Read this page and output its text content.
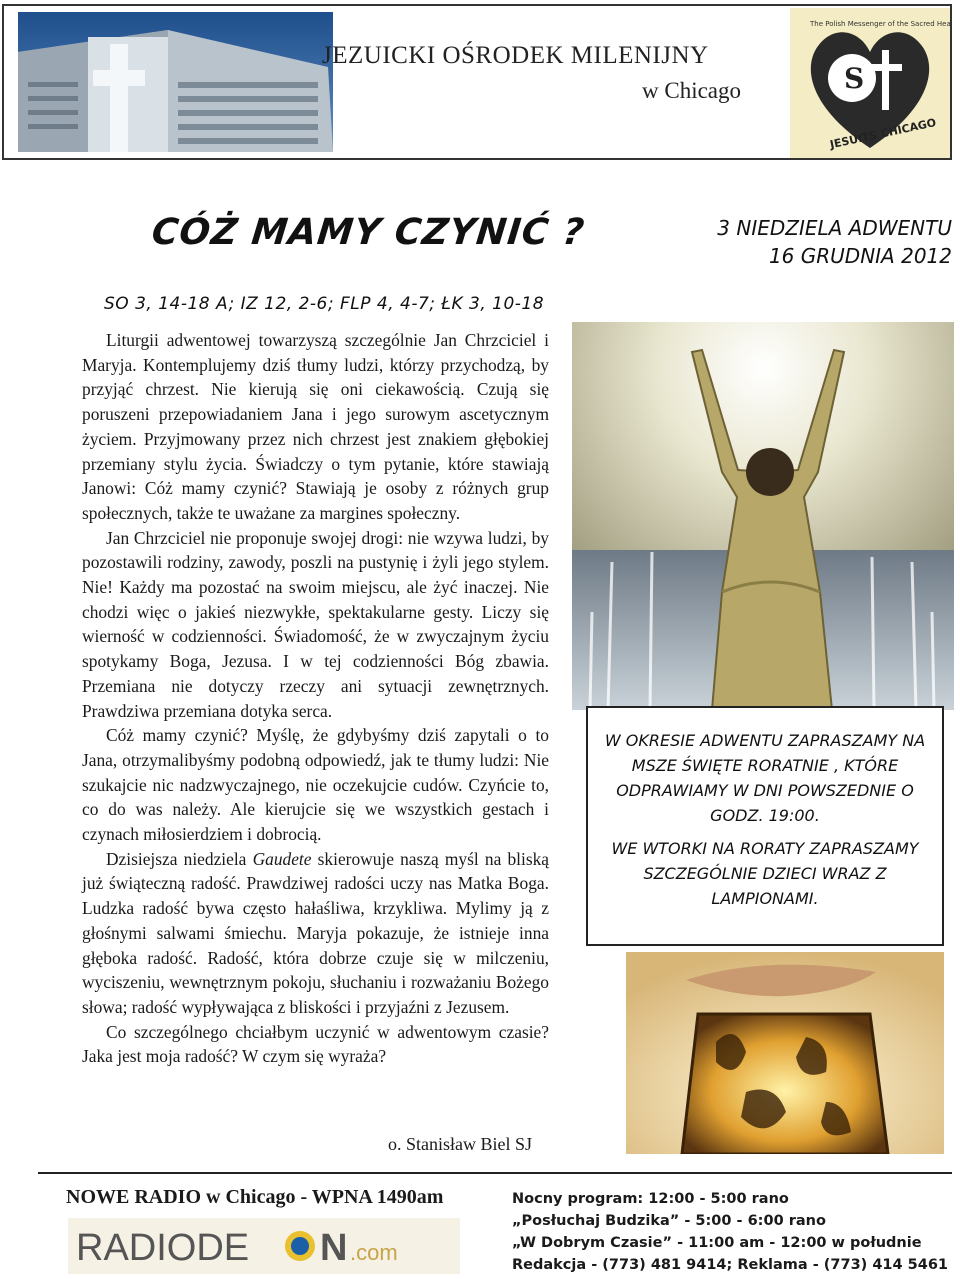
JEZUICKI OŚRODEK MILENIJNY
w Chicago	S
The Polish Messenger of the Sacred Heart
JESUITS CHICAGO
CÓŻ MAMY CZYNIĆ ?	3 NIEDZIELA ADWENTU
16 GRUDNIA 2012
SO 3, 14-18 A; IZ 12, 2-6; FLP 4, 4-7; ŁK 3, 10-18

Liturgii adwentowej towarzyszą szczególnie Jan Chrzciciel i Maryja. Kontemplujemy dziś tłumy ludzi, którzy przychodzą, by przyjąć chrzest. Nie kierują się oni ciekawością. Czują się poruszeni przepowiadaniem Jana i jego surowym ascetycznym życiem. Przyjmowany przez nich chrzest jest znakiem głębokiej przemiany stylu życia. Świadczy o tym pytanie, które stawiają Janowi: Cóż mamy czynić? Stawiają je osoby z różnych grup społecznych, także te uważane za margines społeczny.

Jan Chrzciciel nie proponuje swojej drogi: nie wzywa ludzi, by pozostawili rodziny, zawody, poszli na pustynię i żyli jego stylem. Nie! Każdy ma pozostać na swoim miejscu, ale żyć inaczej. Nie chodzi więc o jakieś niezwykłe, spektakularne gesty. Liczy się wierność w codzienności. Świadomość, że w zwyczajnym życiu spotykamy Boga, Jezusa. I w tej codzienności Bóg zbawia. Przemiana nie dotyczy rzeczy ani sytuacji zewnętrznych. Prawdziwa przemiana dotyka serca.

Cóż mamy czynić? Myślę, że gdybyśmy dziś zapytali o to Jana, otrzymalibyśmy podobną odpowiedź, jak te tłumy ludzi: Nie szukajcie nic nadzwyczajnego, nie oczekujcie cudów. Czyńcie to, co do was należy. Ale kierujcie się we wszystkich gestach i czynach miłosierdziem i dobrocią.

Dzisiejsza niedziela Gaudete skierowuje naszą myśl na bliską już świąteczną radość. Prawdziwej radości uczy nas Matka Boga. Ludzka radość bywa często hałaśliwa, krzykliwa. Mylimy ją z głośnymi salwami śmiechu. Maryja pokazuje, że istnieje inna głęboka radość. Radość, która dobrze czuje się w milczeniu, wyciszeniu, wewnętrznym pokoju, słuchaniu i rozważaniu Bożego słowa; radość wypływająca z bliskości i przyjaźni z Jezusem.

Co szczególnego chciałbym uczynić w adwentowym czasie? Jaka jest moja radość? W czym się wyraża?

o. Stanisław Biel SJ

W OKRESIE ADWENTU ZAPRASZAMY NA MSZE ŚWIĘTE RORATNIE , KTÓRE ODPRAWIAMY W DNI POWSZEDNIE O GODZ. 19:00.

WE WTORKI NA RORATY ZAPRASZAMY SZCZEGÓLNIE DZIECI WRAZ Z LAMPIONAMI.

NOWE RADIO w Chicago - WPNA 1490am
RADIODE N .com
Nocny program: 12:00 - 5:00 rano
„Posłuchaj Budzika” - 5:00 - 6:00 rano
„W Dobrym Czasie” - 11:00 am - 12:00 w południe
Redakcja - (773) 481 9414; Reklama - (773) 414 5461
